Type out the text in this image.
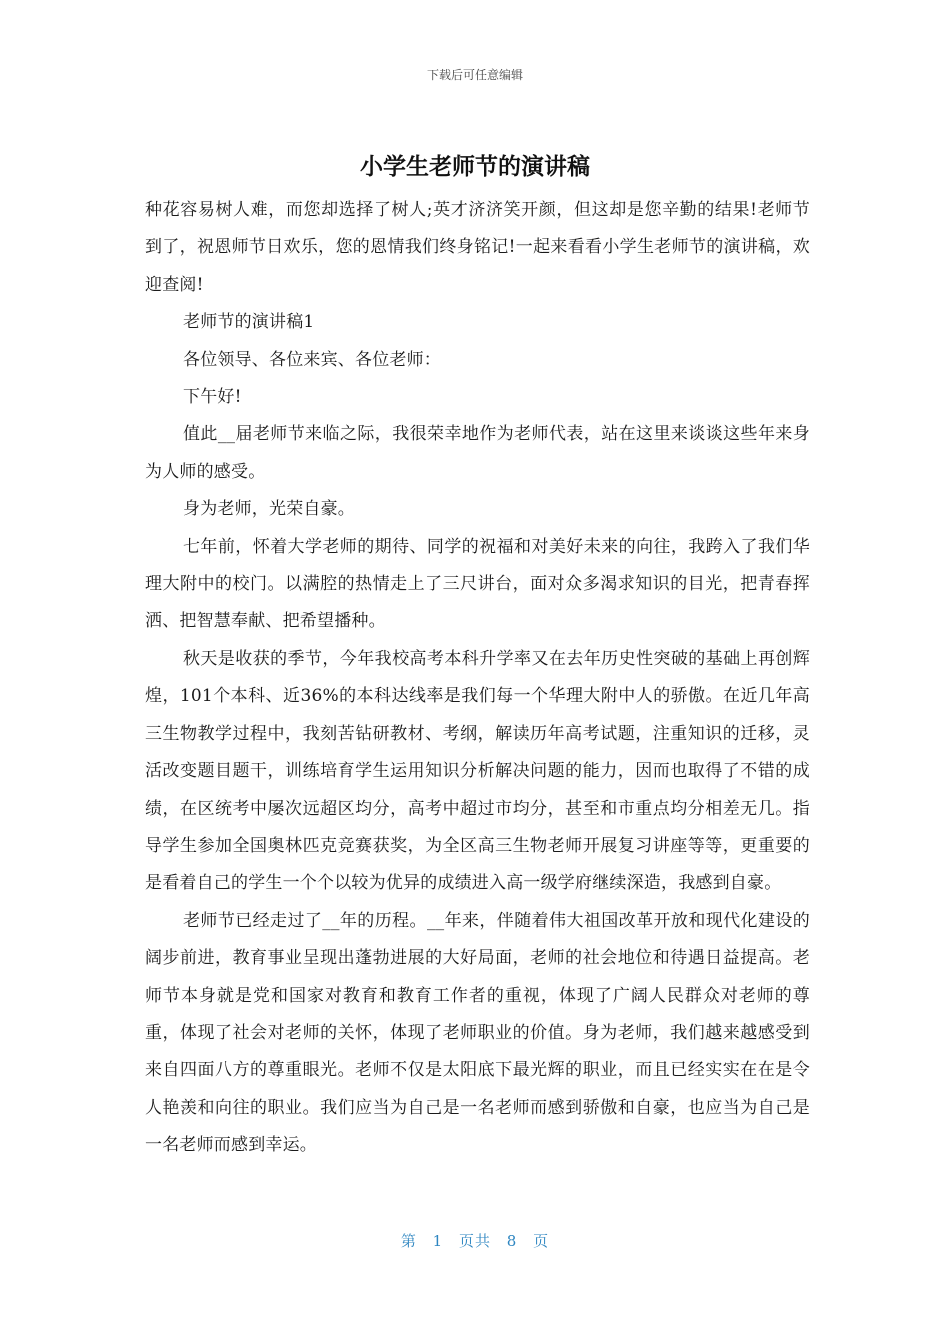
下载后可任意编辑
小学生老师节的演讲稿

种花容易树人难，而您却选择了树人;英才济济笑开颜，但这却是您辛勤的结果!老师节到了，祝恩师节日欢乐，您的恩情我们终身铭记!一起来看看小学生老师节的演讲稿，欢迎查阅!

老师节的演讲稿1

各位领导、各位来宾、各位老师：

下午好!

值此__届老师节来临之际，我很荣幸地作为老师代表，站在这里来谈谈这些年来身为人师的感受。

身为老师，光荣自豪。

七年前，怀着大学老师的期待、同学的祝福和对美好未来的向往，我跨入了我们华理大附中的校门。以满腔的热情走上了三尺讲台，面对众多渴求知识的目光，把青春挥洒、把智慧奉献、把希望播种。

秋天是收获的季节，今年我校高考本科升学率又在去年历史性突破的基础上再创辉煌，101个本科、近36%的本科达线率是我们每一个华理大附中人的骄傲。在近几年高三生物教学过程中，我刻苦钻研教材、考纲，解读历年高考试题，注重知识的迁移，灵活改变题目题干，训练培育学生运用知识分析解决问题的能力，因而也取得了不错的成绩，在区统考中屡次远超区均分，高考中超过市均分，甚至和市重点均分相差无几。指导学生参加全国奥林匹克竞赛获奖，为全区高三生物老师开展复习讲座等等，更重要的是看着自己的学生一个个以较为优异的成绩进入高一级学府继续深造，我感到自豪。

老师节已经走过了__年的历程。__年来，伴随着伟大祖国改革开放和现代化建设的阔步前进，教育事业呈现出蓬勃进展的大好局面，老师的社会地位和待遇日益提高。老师节本身就是党和国家对教育和教育工作者的重视，体现了广阔人民群众对老师的尊重，体现了社会对老师的关怀，体现了老师职业的价值。身为老师，我们越来越感受到来自四面八方的尊重眼光。老师不仅是太阳底下最光辉的职业，而且已经实实在在是令人艳羡和向往的职业。我们应当为自己是一名老师而感到骄傲和自豪，也应当为自己是一名老师而感到幸运。

第 1 页共 8 页
